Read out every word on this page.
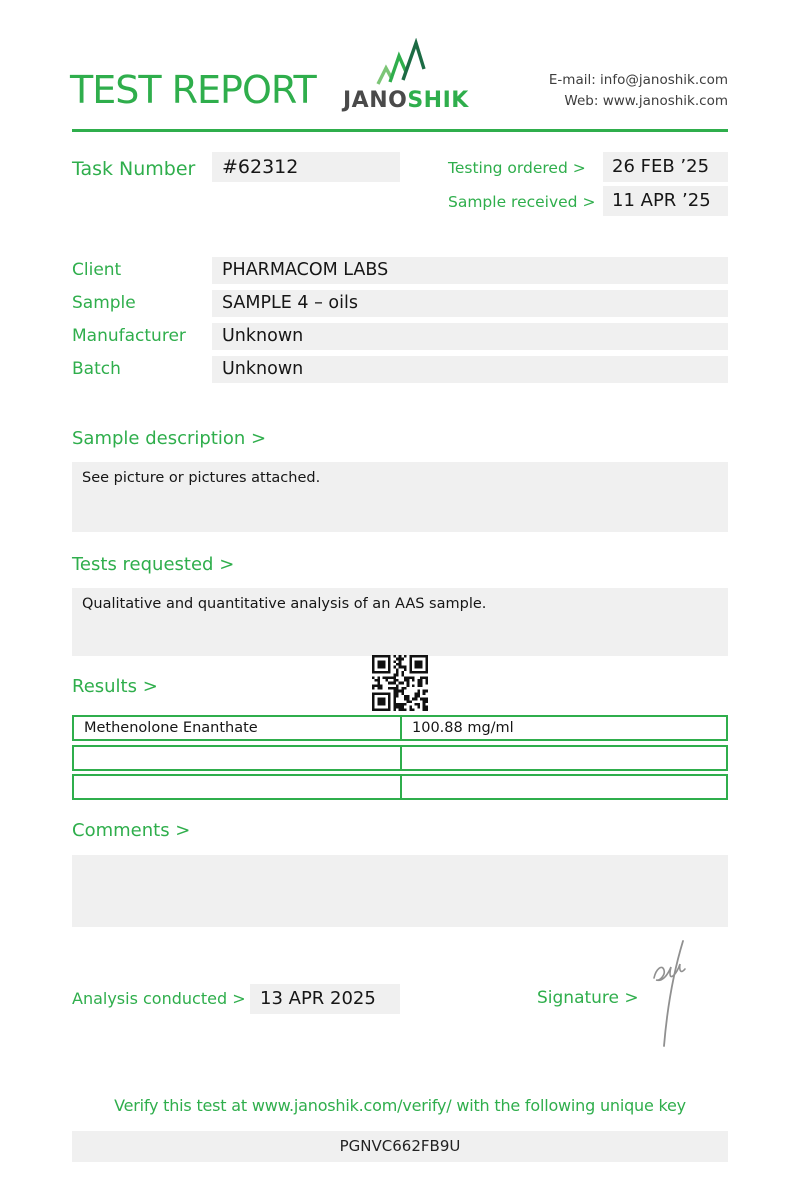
TEST REPORT JANOSHIK
E-mail: info@janoshik.com
Web: www.janoshik.com
Task Number	#62312	Testing ordered >	26 FEB ’25
Sample received > 11 APR ’25
Client	PHARMACOM LABS
Sample	SAMPLE 4 – oils
Manufacturer	Unknown
Batch	Unknown
Sample description >
See picture or pictures attached.
Tests requested >
Qualitative and quantitative analysis of an AAS sample.
Results >
Methenolone Enanthate	100.88 mg/ml
Comments >
Analysis conducted > 13 APR 2025	Signature >
Verify this test at www.janoshik.com/verify/ with the following unique key
PGNVC662FB9U
